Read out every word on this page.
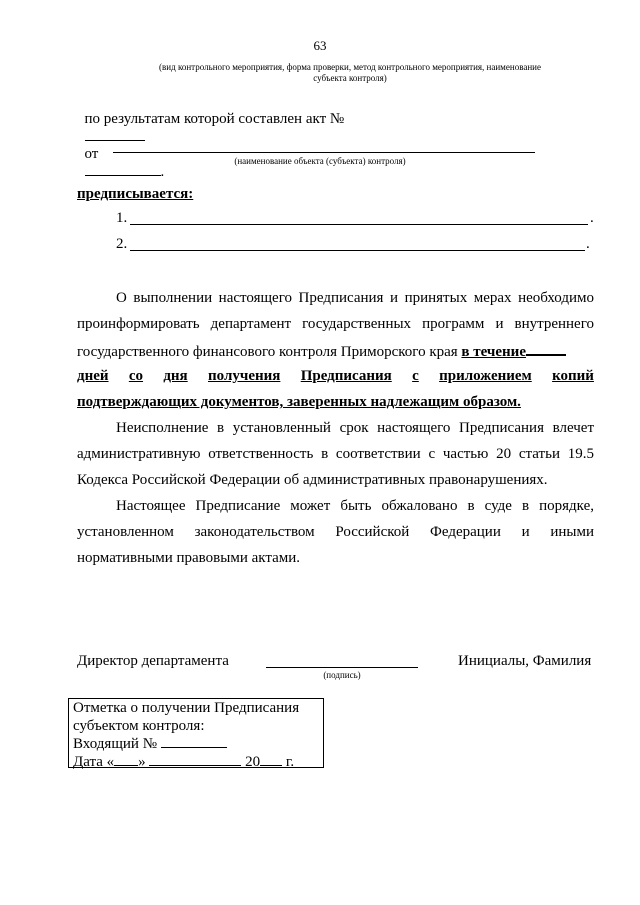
63
(вид контрольного мероприятия, форма проверки, метод контрольного мероприятия, наименование
субъекта контроля)

по результатам которой составлен акт №

от
.

(наименование объекта (субъекта) контроля)
предписывается:
1.	.
2.	.
О выполнении настоящего Предписания и принятых мерах необходимо
проинформировать департамент государственных программ и внутреннего
государственного финансового контроля Приморского края в течение
дней со дня получения Предписания с приложением копий
подтверждающих документов, заверенных надлежащим образом.
Неисполнение в установленный срок настоящего Предписания влечет
административную ответственность в соответствии с частью 20 статьи 19.5
Кодекса Российской Федерации об административных правонарушениях.
Настоящее Предписание может быть обжаловано в суде в порядке,
установленном законодательством Российской Федерации и иными
нормативными правовыми актами.
Директор департамента
(подпись)
Инициалы, Фамилия
Отметка о получении Предписания
субъектом контроля:
Входящий №
Дата « »	20 г.
